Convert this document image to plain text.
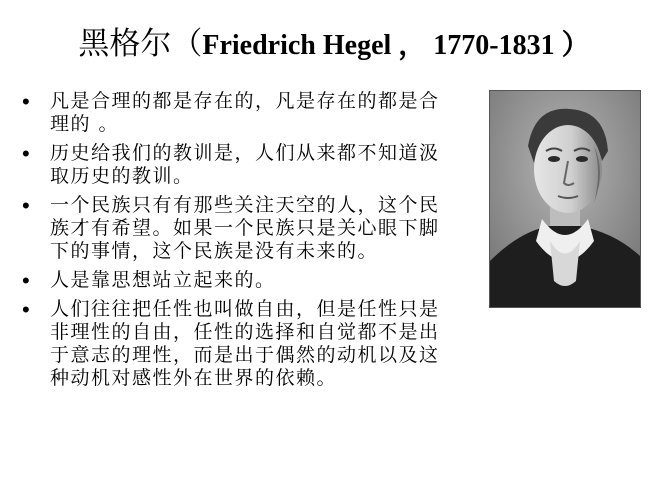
黑格尔（Friedrich Hegel ， 1770-1831 ）
• 凡是合理的都是存在的，凡是存在的都是合理的 。
• 历史给我们的教训是，人们从来都不知道汲取历史的教训。
• 一个民族只有有那些关注天空的人，这个民族才有希望。如果一个民族只是关心眼下脚下的事情，这个民族是没有未来的。
• 人是靠思想站立起来的。
• 人们往往把任性也叫做自由，但是任性只是非理性的自由，任性的选择和自觉都不是出于意志的理性，而是出于偶然的动机以及这种动机对感性外在世界的依赖。
